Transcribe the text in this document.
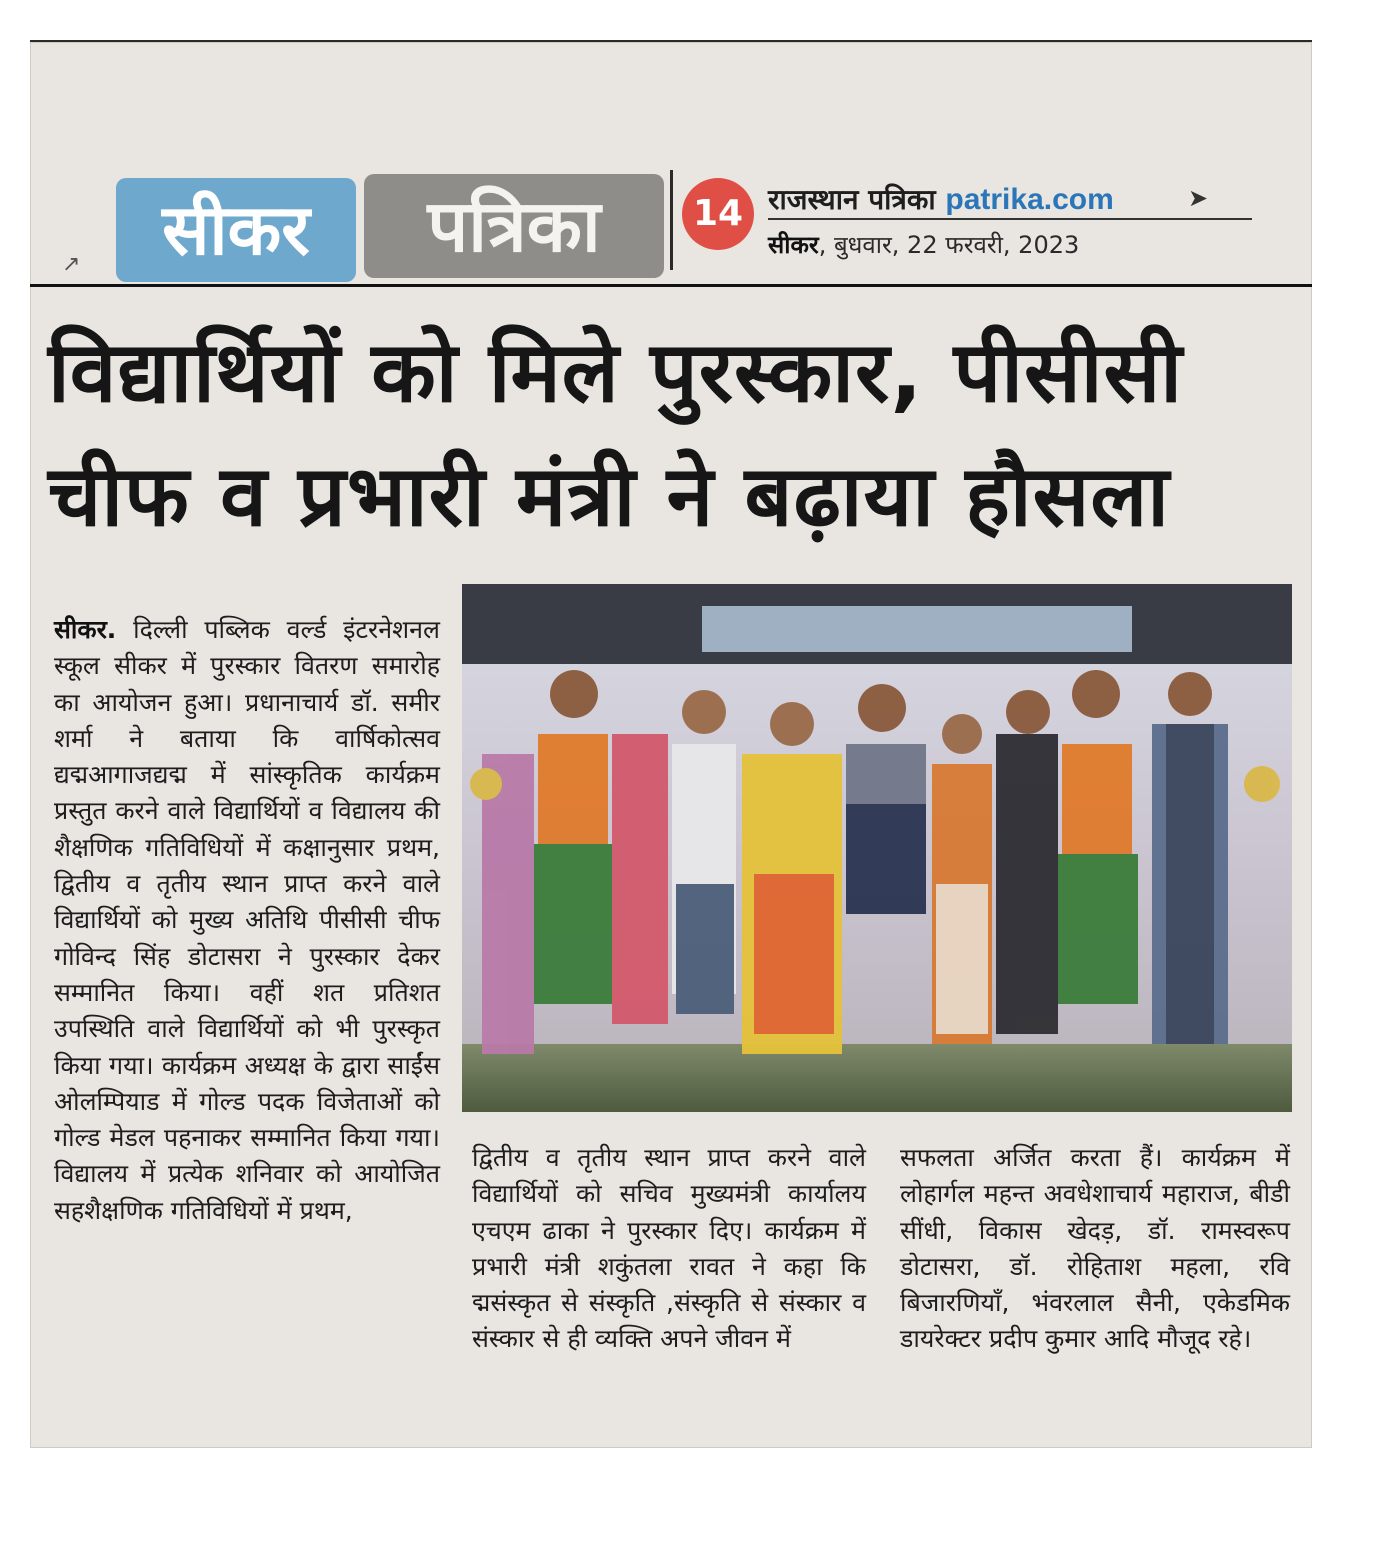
सीकर	पत्रिका	14 राजस्थान पत्रिका patrika.com	➤
सीकर, बुधवार, 22 फरवरी, 2023
↗
विद्यार्थियों को मिले पुरस्कार, पीसीसी
चीफ व प्रभारी मंत्री ने बढ़ाया हौसला
सीकर. दिल्ली पब्लिक वर्ल्ड इंटरनेशनल स्कूल सीकर में पुरस्कार वितरण समारोह का आयोजन हुआ। प्रधानाचार्य डॉ. समीर शर्मा ने बताया कि वार्षिकोत्सव द्यद्मआगाजद्यद्म में सांस्कृतिक कार्यक्रम प्रस्तुत करने वाले विद्यार्थियों व विद्यालय की शैक्षणिक गतिविधियों में कक्षानुसार प्रथम, द्वितीय व तृतीय स्थान प्राप्त करने वाले विद्यार्थियों को मुख्य अतिथि पीसीसी चीफ गोविन्द सिंह डोटासरा ने पुरस्कार देकर सम्मानित किया। वहीं शत प्रतिशत उपस्थिति वाले विद्यार्थियों को भी पुरस्कृत किया गया। कार्यक्रम अध्यक्ष के द्वारा साईंस ओलम्पियाड में गोल्ड पदक विजेताओं को गोल्ड मेडल पहनाकर सम्मानित किया गया। विद्यालय में प्रत्येक शनिवार को आयोजित सहशैक्षणिक गतिविधियों में प्रथम,
द्वितीय व तृतीय स्थान प्राप्त करने वाले विद्यार्थियों को सचिव मुख्यमंत्री कार्यालय एचएम ढाका ने पुरस्कार दिए। कार्यक्रम में प्रभारी मंत्री शकुंतला रावत ने कहा कि द्मसंस्कृत से संस्कृति ,संस्कृति से संस्कार व संस्कार से ही व्यक्ति अपने जीवन में
सफलता अर्जित करता हैं। कार्यक्रम में लोहार्गल महन्त अवधेशाचार्य महाराज, बीडी सींधी, विकास खेदड़, डॉ. रामस्वरूप डोटासरा, डॉ. रोहिताश महला, रवि बिजारणियाँ, भंवरलाल सैनी, एकेडमिक डायरेक्टर प्रदीप कुमार आदि मौजूद रहे।
